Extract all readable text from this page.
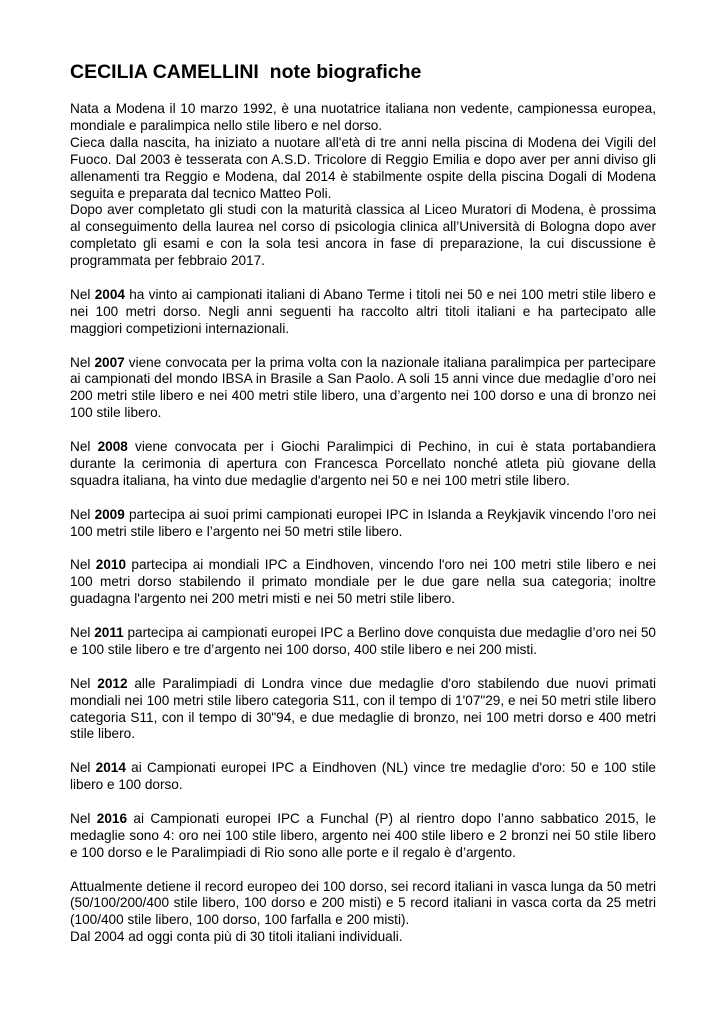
CECILIA CAMELLINI  note biografiche
Nata a Modena il 10 marzo 1992, è una nuotatrice italiana non vedente, campionessa europea, mondiale e paralimpica nello stile libero e nel dorso.
Cieca dalla nascita, ha iniziato a nuotare all'età di tre anni nella piscina di Modena dei Vigili del Fuoco. Dal 2003 è tesserata con A.S.D. Tricolore di Reggio Emilia e dopo aver per anni diviso gli allenamenti tra Reggio e Modena, dal 2014 è stabilmente ospite della piscina Dogali di Modena seguita e preparata dal tecnico Matteo Poli.
Dopo aver completato gli studi con la maturità classica al Liceo Muratori di Modena, è prossima al conseguimento della laurea nel corso di psicologia clinica all’Università di Bologna dopo aver completato gli esami e con la sola tesi ancora in fase di preparazione, la cui discussione è programmata per febbraio 2017.

Nel 2004 ha vinto ai campionati italiani di Abano Terme i titoli nei 50 e nei 100 metri stile libero e nei 100 metri dorso. Negli anni seguenti ha raccolto altri titoli italiani e ha partecipato alle maggiori competizioni internazionali.

Nel 2007 viene convocata per la prima volta con la nazionale italiana paralimpica per partecipare ai campionati del mondo IBSA in Brasile a San Paolo. A soli 15 anni vince due medaglie d’oro nei 200 metri stile libero e nei 400 metri stile libero, una d’argento nei 100 dorso e una di bronzo nei 100 stile libero.

Nel 2008 viene convocata per i Giochi Paralimpici di Pechino, in cui è stata portabandiera durante la cerimonia di apertura con Francesca Porcellato nonché atleta più giovane della squadra italiana, ha vinto due medaglie d'argento nei 50 e nei 100 metri stile libero.

Nel 2009 partecipa ai suoi primi campionati europei IPC in Islanda a Reykjavik vincendo l’oro nei 100 metri stile libero e l’argento nei 50 metri stile libero.

Nel 2010 partecipa ai mondiali IPC a Eindhoven, vincendo l'oro nei 100 metri stile libero e nei 100 metri dorso stabilendo il primato mondiale per le due gare nella sua categoria; inoltre guadagna l'argento nei 200 metri misti e nei 50 metri stile libero.

Nel 2011 partecipa ai campionati europei IPC a Berlino dove conquista due medaglie d’oro nei 50 e 100 stile libero e tre d’argento nei 100 dorso, 400 stile libero e nei 200 misti.

Nel 2012 alle Paralimpiadi di Londra vince due medaglie d'oro stabilendo due nuovi primati mondiali nei 100 metri stile libero categoria S11, con il tempo di 1'07"29, e nei 50 metri stile libero categoria S11, con il tempo di 30"94, e due medaglie di bronzo, nei 100 metri dorso e 400 metri stile libero.

Nel 2014 ai Campionati europei IPC a Eindhoven (NL) vince tre medaglie d'oro: 50 e 100 stile libero e 100 dorso.

Nel 2016 ai Campionati europei IPC a Funchal (P) al rientro dopo l’anno sabbatico 2015, le medaglie sono 4: oro nei 100 stile libero, argento nei 400 stile libero e 2 bronzi nei 50 stile libero e 100 dorso e le Paralimpiadi di Rio sono alle porte e il regalo è d’argento.

Attualmente detiene il record europeo dei 100 dorso, sei record italiani in vasca lunga da 50 metri (50/100/200/400 stile libero, 100 dorso e 200 misti) e 5 record italiani in vasca corta da 25 metri (100/400 stile libero, 100 dorso, 100 farfalla e 200 misti).

Dal 2004 ad oggi conta più di 30 titoli italiani individuali.
